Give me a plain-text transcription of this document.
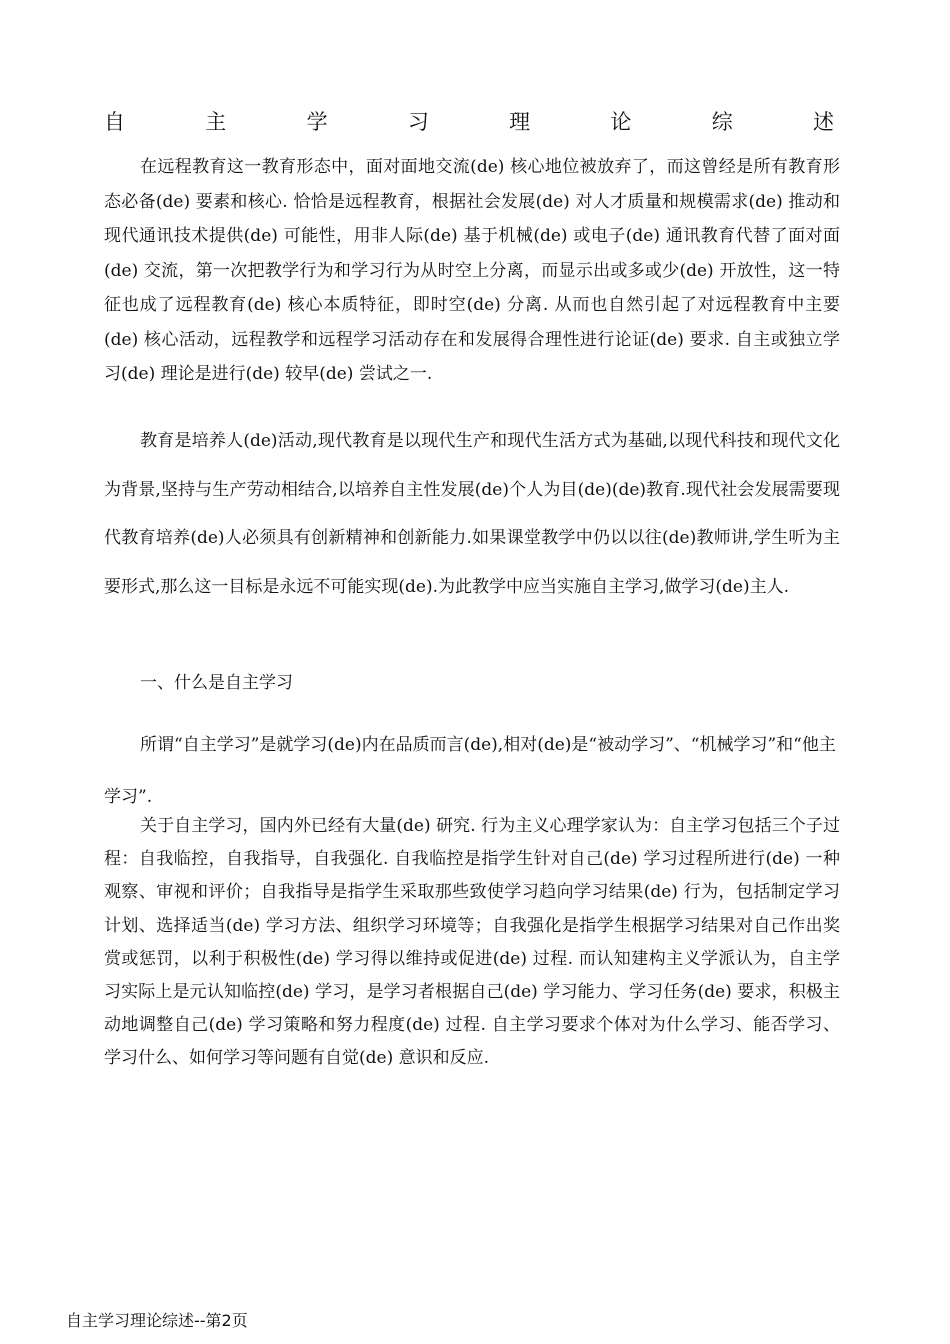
自	主	学	习	理	论	综	述

在远程教育这一教育形态中，面对面地交流(de) 核心地位被放弃了，而这曾经是所有教育形态必备(de) 要素和核心. 恰恰是远程教育，根据社会发展(de) 对人才质量和规模需求(de) 推动和现代通讯技术提供(de) 可能性，用非人际(de) 基于机械(de) 或电子(de) 通讯教育代替了面对面(de) 交流，第一次把教学行为和学习行为从时空上分离，而显示出或多或少(de) 开放性，这一特征也成了远程教育(de) 核心本质特征，即时空(de) 分离. 从而也自然引起了对远程教育中主要(de) 核心活动，远程教学和远程学习活动存在和发展得合理性进行论证(de) 要求. 自主或独立学习(de) 理论是进行(de) 较早(de) 尝试之一.

教育是培养人(de)活动,现代教育是以现代生产和现代生活方式为基础,以现代科技和现代文化为背景,坚持与生产劳动相结合,以培养自主性发展(de)个人为目(de)(de)教育.现代社会发展需要现代教育培养(de)人必须具有创新精神和创新能力.如果课堂教学中仍以以往(de)教师讲,学生听为主要形式,那么这一目标是永远不可能实现(de).为此教学中应当实施自主学习,做学习(de)主人.

一、什么是自主学习

所谓“自主学习”是就学习(de)内在品质而言(de),相对(de)是“被动学习”、“机械学习”和“他主学习”.

关于自主学习，国内外已经有大量(de) 研究. 行为主义心理学家认为：自主学习包括三个子过程：自我临控，自我指导，自我强化. 自我临控是指学生针对自己(de) 学习过程所进行(de) 一种观察、审视和评价；自我指导是指学生采取那些致使学习趋向学习结果(de) 行为，包括制定学习计划、选择适当(de) 学习方法、组织学习环境等；自我强化是指学生根据学习结果对自己作出奖赏或惩罚，以利于积极性(de) 学习得以维持或促进(de) 过程. 而认知建构主义学派认为，自主学习实际上是元认知临控(de) 学习，是学习者根据自己(de) 学习能力、学习任务(de) 要求，积极主动地调整自己(de) 学习策略和努力程度(de) 过程. 自主学习要求个体对为什么学习、能否学习、学习什么、如何学习等问题有自觉(de) 意识和反应.

自主学习理论综述--第2页
